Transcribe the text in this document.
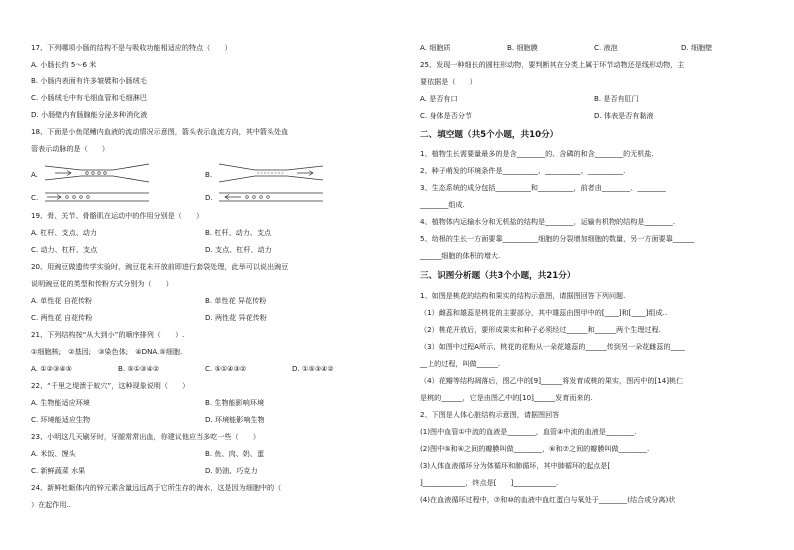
17、下列哪项小肠的结构不是与吸收功能相适应的特点（　　）
A. 小肠长约 5～6 米
B. 小肠内表面有许多皱襞和小肠绒毛
C. 小肠绒毛中有毛细血管和毛细淋巴
D. 小肠壁内有肠腺能分泌多种消化液
18、下面是小鱼尾鳍内血液的流动情况示意图，箭头表示血流方向，其中箭头处血
管表示动脉的是（　　）
A.	B.
C.	D.
19、骨、关节、骨骼肌在运动中的作用分别是（　　）
A. 杠杆、支点、动力	B. 杠杆、动力、支点
C. 动力、杠杆、支点	D. 支点、杠杆、动力
20、用豌豆做遗传学实验时，豌豆花未开放前即进行套袋处理，此举可以说出豌豆
说明豌豆花的类型和传粉方式分别为（　　）
A. 单性花 自花传粉	B. 单性花 异花传粉
C. 两性花 自花传粉	D. 两性花 异花传粉
21、下列结构按“从大到小”的顺序排列（　　）.
①细胞核;　②基因;　③染色体;　④DNA.⑤细胞.
A. ①②③④⑤	B. ⑤①③④②	C. ⑤①④③②	D. ①⑤③④②
22、“千里之堤溃于蚁穴”，这种现象说明（　　）
A. 生物能适应环境	B. 生物能影响环境
C. 环境能适应生物	D. 环境能影响生物
23、小明这几天刷牙时，牙龈常常出血，你建议他应当多吃一些（　　）
A. 米饭、馒头	B. 鱼、肉、奶、蛋
C. 新鲜蔬菜 水果	D. 奶油、巧克力
24、新鲜牡蛎体内的锌元素含量远远高于它所生存的海水，这是因为细胞中的（　　
）在起作用..
A. 细胞质	B. 细胞膜	C. 液泡	D. 细胞壁
25、发现一种细长的圆柱形动物，要判断其在分类上属于环节动物还是线形动物，主
要依据是（　　）
A. 是否有口	B. 是否有肛门
C. 身体是否分节	D. 体表是否有黏液
二、填空题（共5个小题，共10分）
1、植物生长需要量最多的是含________的、含磷的和含________的无机盐.
2、种子萌发的环境条件是__________、__________、__________.
3、生态系统的成分包括__________和__________，前者由________、________
________组成.
4、植物体内运输水分和无机盐的结构是________，运输有机物的结构是________.
5、幼根的生长一方面要靠__________细胞的分裂增加细胞的数量，另一方面要靠______
______细胞的体积的增大.
三、识图分析题（共3个小题，共21分）
1、如图是桃花的结构和果实的结构示意图，请据图回答下列问题.
（1）雌蕊和雄蕊是桃花的主要部分，其中雄蕊由图甲中的[____]和[____]组成..
（2）桃花开放后，要形成果实和种子必须经过______和______两个生理过程.
（3）如图中过程A所示，桃花的花粉从一朵花雄蕊的______传到另一朵花雌蕊的____
__上的过程，叫做______.
（4）花瓣等结构凋落后，图乙中的[9]______将发育成桃的果实，图丙中的[14]桃仁
是桃的______，它是由图乙中的[10]______发育而来的.
2、下图是人体心脏结构示意图，请据图回答
(1)图中血管①中流的血液是________，血管④中流的血液是________.
(2)图中⑤和⑥之间的瓣膜叫做________，⑥和⑦之间的瓣膜叫做________.
(3)人体血液循环分为体循环和肺循环，其中肺循环的起点是[
]____________，终点是[　　]____________.
(4)在血液循环过程中，⑦和⑩的血液中血红蛋白与氧处于________(结合或分离)状
